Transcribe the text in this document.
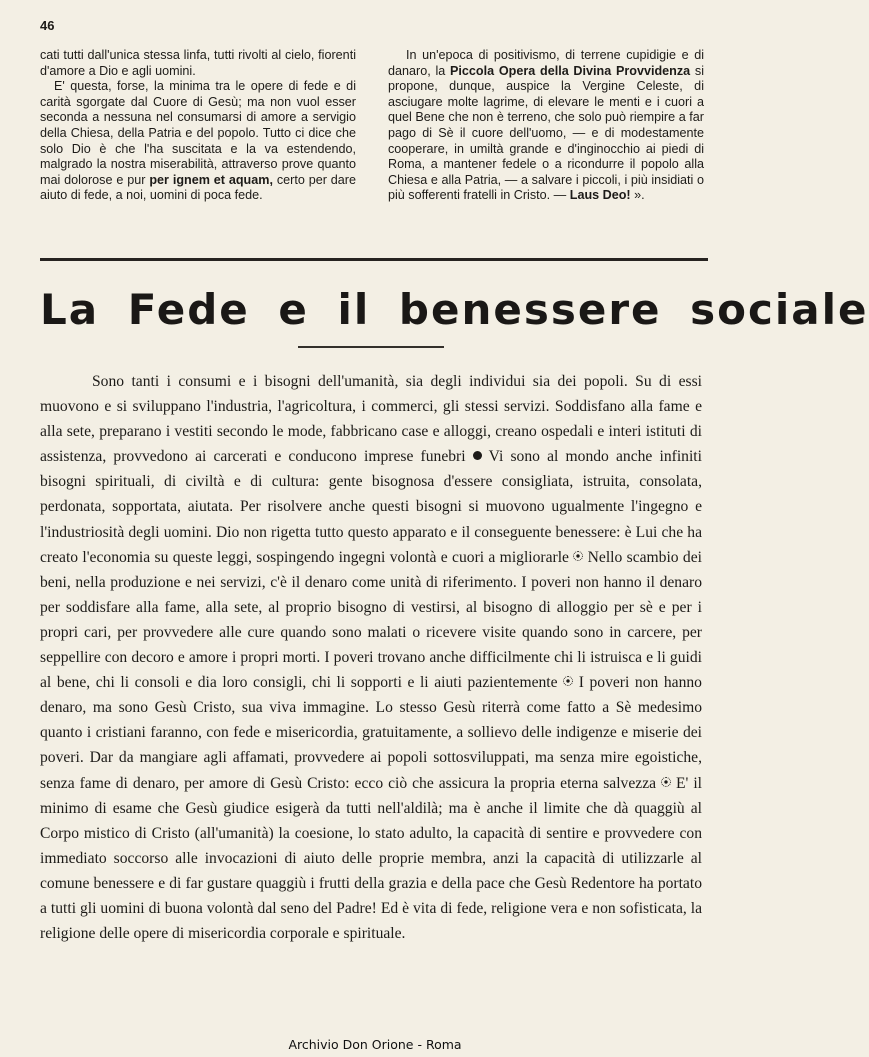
46

cati tutti dall'unica stessa linfa, tutti rivolti al cielo, fiorenti d'amore a Dio e agli uomini.

E' questa, forse, la minima tra le opere di fede e di carità sgorgate dal Cuore di Gesù; ma non vuol esser seconda a nessuna nel consumarsi di amore a servigio della Chiesa, della Patria e del popolo. Tutto ci dice che solo Dio è che l'ha suscitata e la va estendendo, malgrado la nostra miserabilità, attraverso prove quanto mai dolorose e pur per ignem et aquam, certo per dare aiuto di fede, a noi, uomini di poca fede.

In un'epoca di positivismo, di terrene cupidigie e di danaro, la Piccola Opera della Divina Provvidenza si propone, dunque, auspice la Vergine Celeste, di asciugare molte lagrime, di elevare le menti e i cuori a quel Bene che non è terreno, che solo può riempire a far pago di Sè il cuore dell'uomo, — e di modestamente cooperare, in umiltà grande e d'inginocchio ai piedi di Roma, a mantener fedele o a ricondurre il popolo alla Chiesa e alla Patria, — a salvare i piccoli, i più insidiati o più sofferenti fratelli in Cristo. — Laus Deo! ».

La Fede e il benessere sociale

Sono tanti i consumi e i bisogni dell'umanità, sia degli individui sia dei popoli. Su di essi muovono e si sviluppano l'industria, l'agricoltura, i commerci, gli stessi servizi. Soddisfano alla fame e alla sete, preparano i vestiti secondo le mode, fabbricano case e alloggi, creano ospedali e interi istituti di assistenza, provvedono ai carcerati e conducono imprese funebri Vi sono al mondo anche infiniti bisogni spirituali, di civiltà e di cultura: gente bisognosa d'essere consigliata, istruita, consolata, perdonata, sopportata, aiutata. Per risolvere anche questi bisogni si muovono ugualmente l'ingegno e l'industriosità degli uomini. Dio non rigetta tutto questo apparato e il conseguente benessere: è Lui che ha creato l'economia su queste leggi, sospingendo ingegni volontà e cuori a migliorarle Nello scambio dei beni, nella produzione e nei servizi, c'è il denaro come unità di riferimento. I poveri non hanno il denaro per soddisfare alla fame, alla sete, al proprio bisogno di vestirsi, al bisogno di alloggio per sè e per i propri cari, per provvedere alle cure quando sono malati o ricevere visite quando sono in carcere, per seppellire con decoro e amore i propri morti. I poveri trovano anche difficilmente chi li istruisca e li guidi al bene, chi li consoli e dia loro consigli, chi li sopporti e li aiuti pazientemente I poveri non hanno denaro, ma sono Gesù Cristo, sua viva immagine. Lo stesso Gesù riterrà come fatto a Sè medesimo quanto i cristiani faranno, con fede e misericordia, gratuitamente, a sollievo delle indigenze e miserie dei poveri. Dar da mangiare agli affamati, provvedere ai popoli sottosviluppati, ma senza mire egoistiche, senza fame di denaro, per amore di Gesù Cristo: ecco ciò che assicura la propria eterna salvezza E' il minimo di esame che Gesù giudice esigerà da tutti nell'aldilà; ma è anche il limite che dà quaggiù al Corpo mistico di Cristo (all'umanità) la coesione, lo stato adulto, la capacità di sentire e provvedere con immediato soccorso alle invocazioni di aiuto delle proprie membra, anzi la capacità di utilizzarle al comune benessere e di far gustare quaggiù i frutti della grazia e della pace che Gesù Redentore ha portato a tutti gli uomini di buona volontà dal seno del Padre! Ed è vita di fede, religione vera e non sofisticata, la religione delle opere di misericordia corporale e spirituale.

Archivio Don Orione - Roma
